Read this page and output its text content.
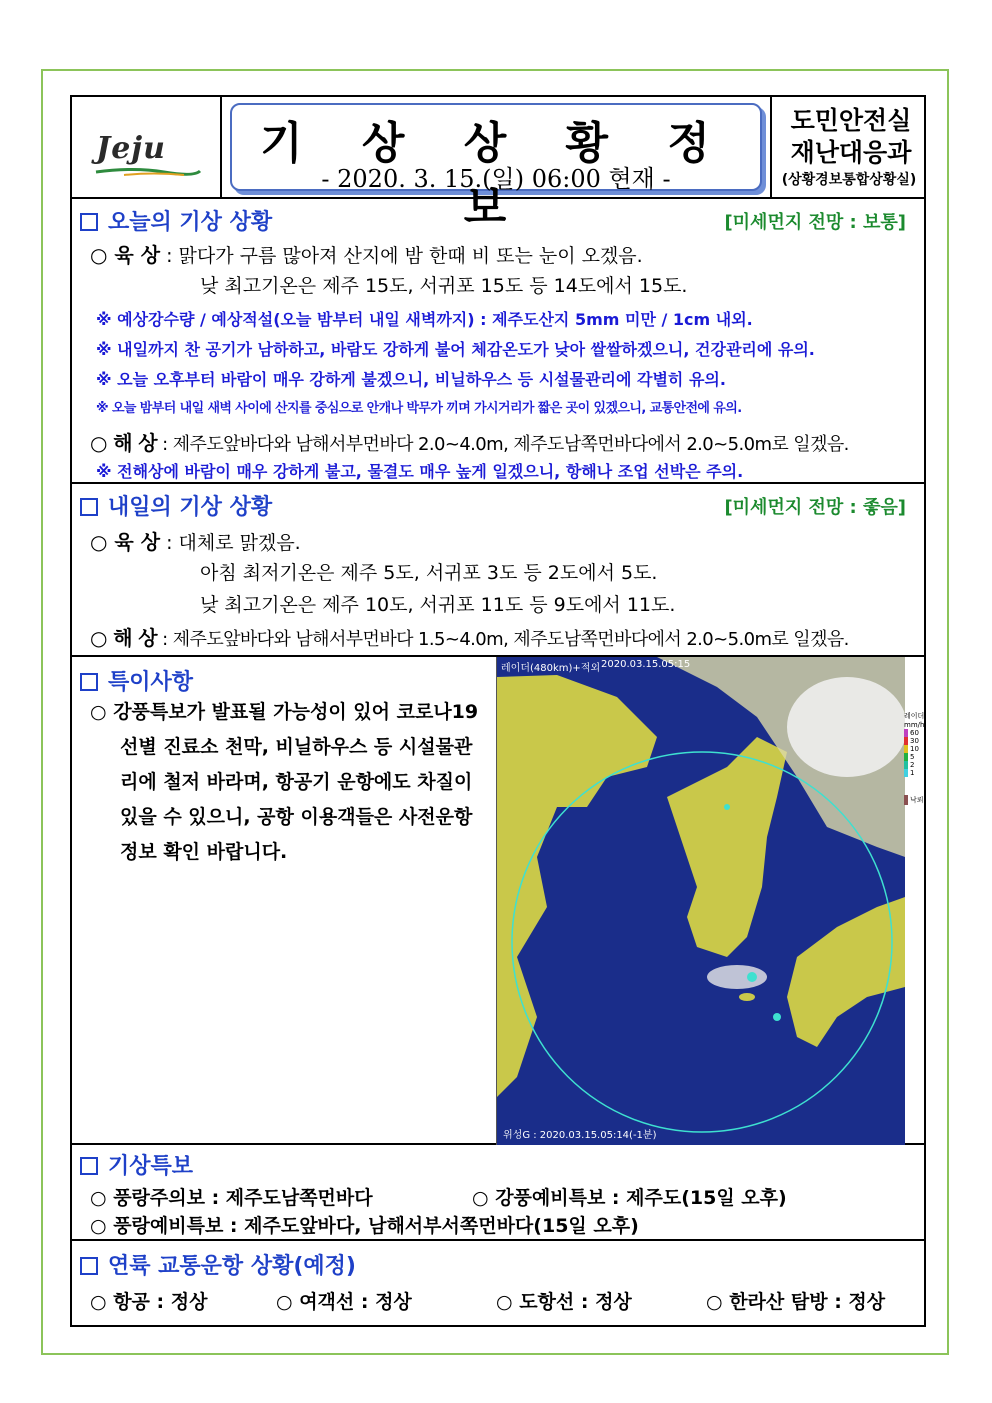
Jeju	기 상 상 황 정 보
- 2020. 3. 15.(일) 06:00 현재 -
도민안전실
재난대응과
(상황경보통합상황실)
오늘의 기상 상황	[미세먼지 전망 : 보통]
○ 육 상 : 맑다가 구름 많아져 산지에 밤 한때 비 또는 눈이 오겠음.
낮 최고기온은 제주 15도, 서귀포 15도 등 14도에서 15도.
※ 예상강수량 / 예상적설(오늘 밤부터 내일 새벽까지) : 제주도산지 5mm 미만 / 1cm 내외.
※ 내일까지 찬 공기가 남하하고, 바람도 강하게 불어 체감온도가 낮아 쌀쌀하겠으니, 건강관리에 유의.
※ 오늘 오후부터 바람이 매우 강하게 불겠으니, 비닐하우스 등 시설물관리에 각별히 유의.
※ 오늘 밤부터 내일 새벽 사이에 산지를 중심으로 안개나 박무가 끼며 가시거리가 짧은 곳이 있겠으니, 교통안전에 유의.
○ 해 상 : 제주도앞바다와 남해서부먼바다 2.0~4.0m, 제주도남쪽먼바다에서 2.0~5.0m로 일겠음.
※ 전해상에 바람이 매우 강하게 불고, 물결도 매우 높게 일겠으니, 항해나 조업 선박은 주의.
내일의 기상 상황	[미세먼지 전망 : 좋음]
○ 육 상 : 대체로 맑겠음.
아침 최저기온은 제주 5도, 서귀포 3도 등 2도에서 5도.
낮 최고기온은 제주 10도, 서귀포 11도 등 9도에서 11도.
○ 해 상 : 제주도앞바다와 남해서부먼바다 1.5~4.0m, 제주도남쪽먼바다에서 2.0~5.0m로 일겠음.
특이사항
○ 강풍특보가 발표될 가능성이 있어 코로나19
선별 진료소 천막, 비닐하우스 등 시설물관
리에 철저 바라며, 항공기 운항에도 차질이
있을 수 있으니, 공항 이용객들은 사전운항
정보 확인 바랍니다.
레이더(480km)+적외 2020.03.15.05:15
위성G : 2020.03.15.05:14(-1분)
레이더
mm/h
60
30
10
5
2
1
낙뢰
기상특보
○ 풍랑주의보 : 제주도남쪽먼바다	○ 강풍예비특보 : 제주도(15일 오후)
○ 풍랑예비특보 : 제주도앞바다, 남해서부서쪽먼바다(15일 오후)
연륙 교통운항 상황(예정)
○ 항공 : 정상	○ 여객선 : 정상	○ 도항선 : 정상	○ 한라산 탐방 : 정상
